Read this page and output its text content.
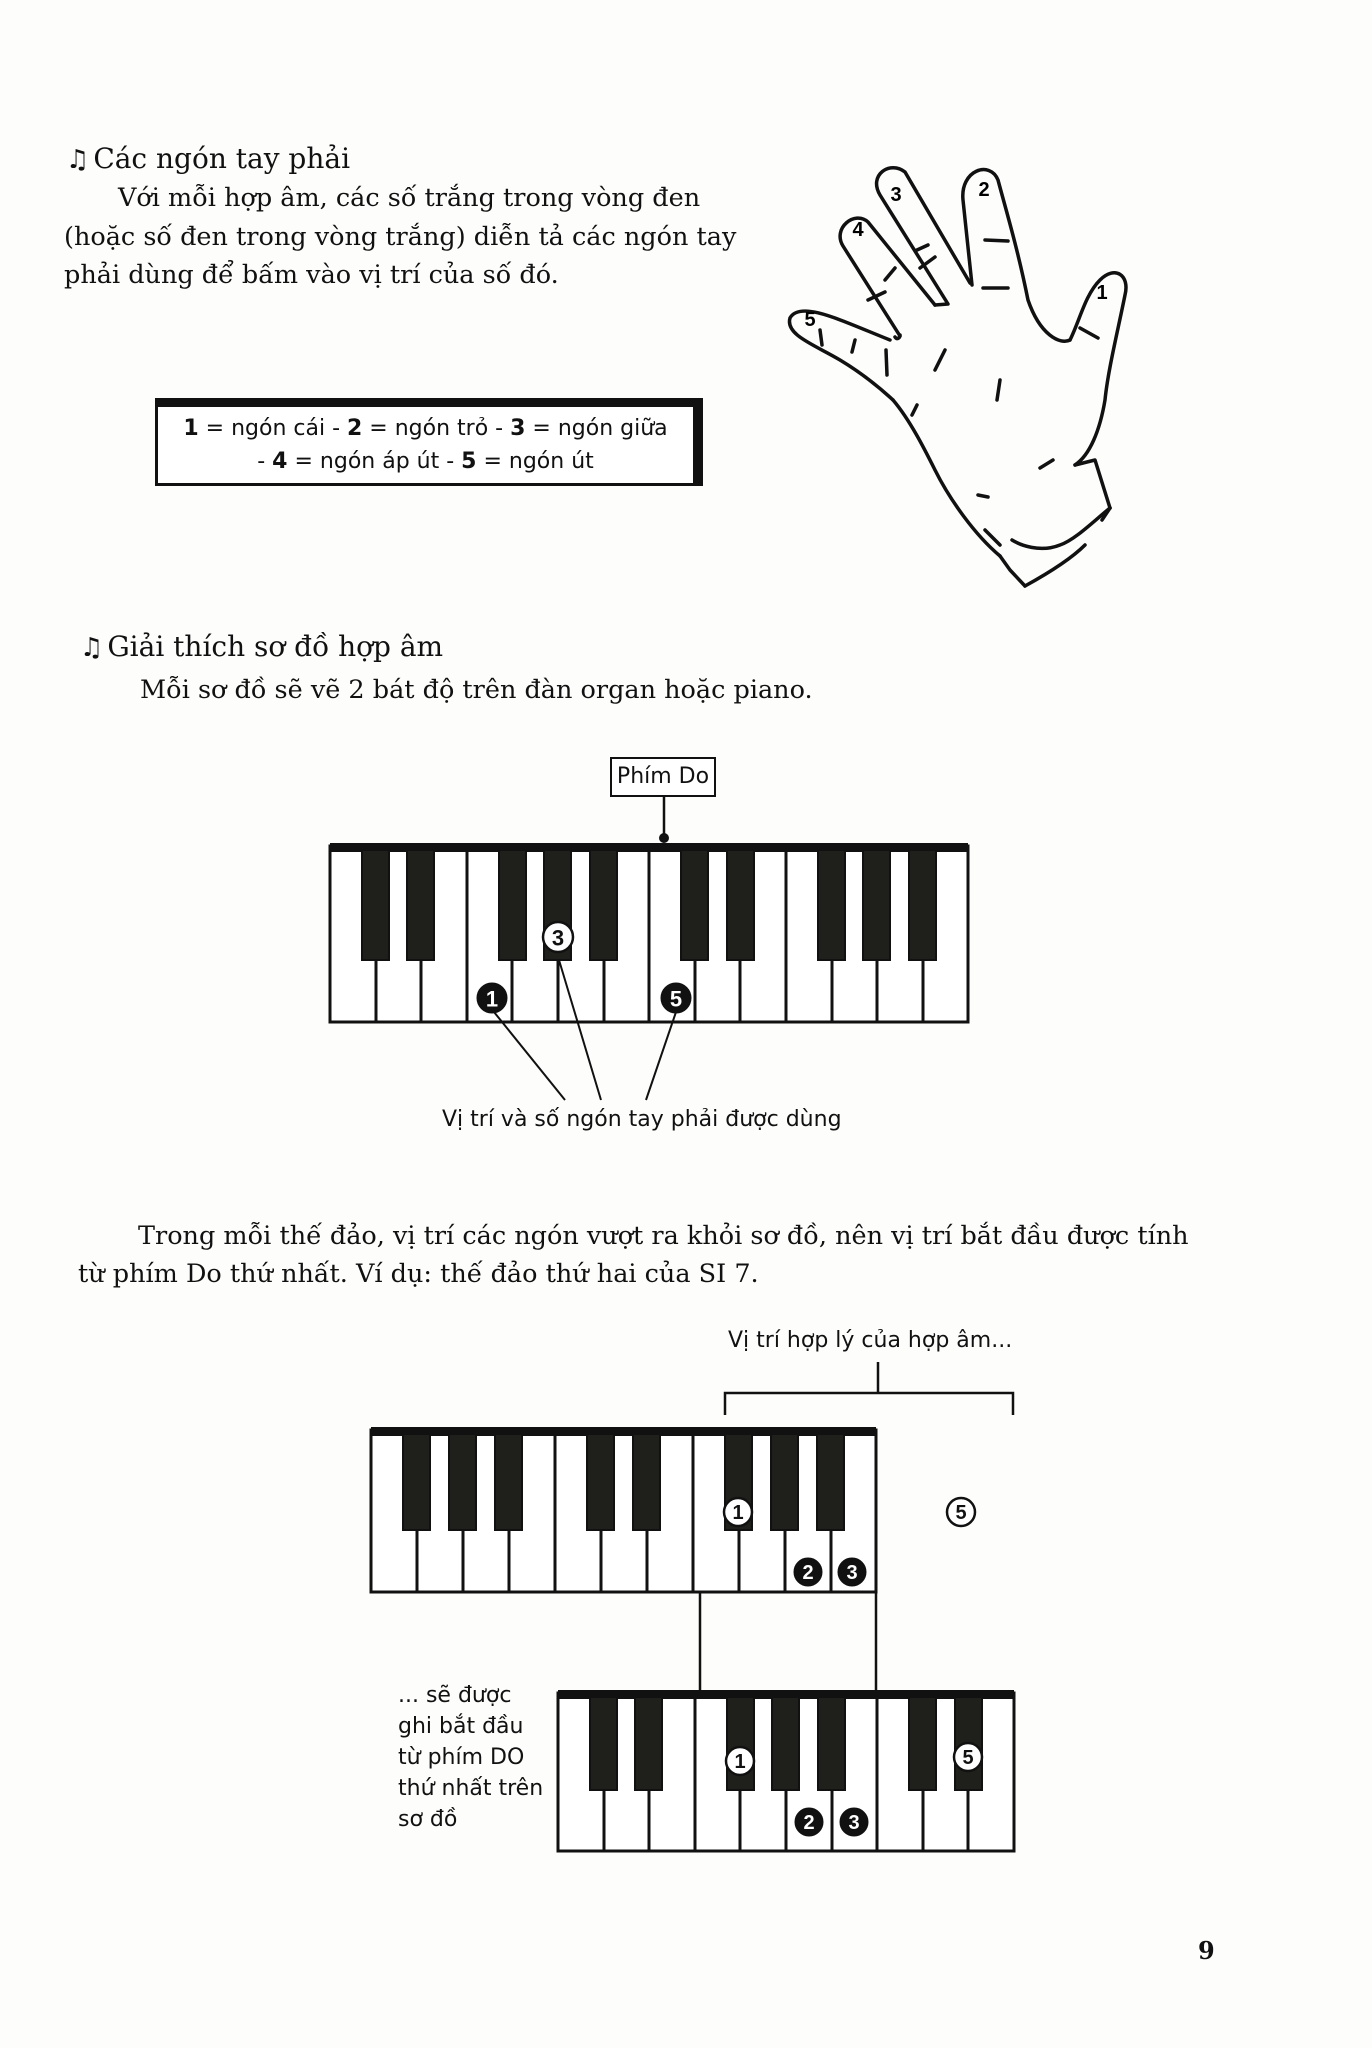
♫ Các ngón tay phải
Với mỗi hợp âm, các số trắng trong vòng đen
(hoặc số đen trong vòng trắng) diễn tả các ngón tay
phải dùng để bấm vào vị trí của số đó.
1 = ngón cái - 2 = ngón trỏ - 3 = ngón giữa
- 4 = ngón áp út - 5 = ngón út
1
2
3
4
5
♫ Giải thích sơ đồ hợp âm
Mỗi sơ đồ sẽ vẽ 2 bát độ trên đàn organ hoặc piano.
Phím Do
1
3
5
Vị trí và số ngón tay phải được dùng
Trong mỗi thế đảo, vị trí các ngón vượt ra khỏi sơ đồ, nên vị trí bắt đầu được tính
từ phím Do thứ nhất. Ví dụ: thế đảo thứ hai của SI 7.
Vị trí hợp lý của hợp âm...
1
2 3
5
1
2 3
5
... sẽ được
ghi bắt đầu
từ phím DO
thứ nhất trên
sơ đồ
9
